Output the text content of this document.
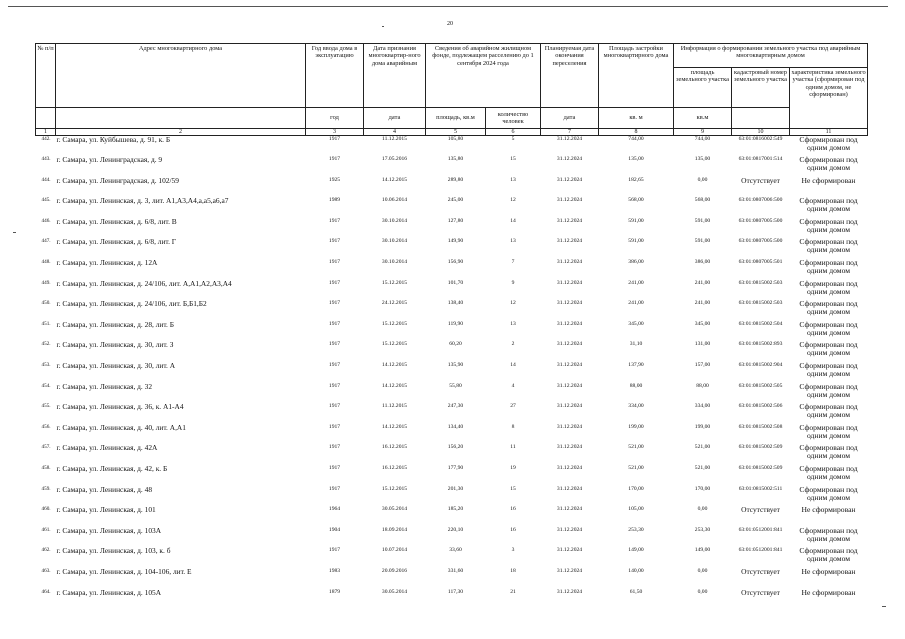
20
№ п/п	Адрес многоквартирного дома	Год ввода дома в эксплуатацию	Дата признания многоквартир-ного дома аварийным	Сведения об аварийном жилищном фонде, подлежащем расселению до 1 сентября 2024 года		Планируемая дата окончания переселения	Площадь застройки многоквартирного дома	Информация о формировании земельного участка под аварийным многоквартирным домом		
								площадь земельного участка	кадастровый номер земельного участка	характеристика земельного участка (сформирован под одним домом, не сформирован)
		год	дата	площадь, кв.м	количество человек	дата	кв. м	кв.м		
1	2	3	4	5	6	7	8	9	10	11
442.	г. Самара, ул. Куйбышева, д. 91, к. Б	1917	11.12.2015	105,80	5	31.12.2024	744,00	744,00	63:01:0816002:549	Сформирован под одним домом
443.	г. Самара, ул. Ленинградская, д. 9	1917	17.05.2016	135,80	15	31.12.2024	135,00	135,00	63:01:0817001:514	Сформирован под одним домом
444.	г. Самара, ул. Ленинградская, д. 102/59	1925	14.12.2015	289,80	13	31.12.2024	182,65	0,00	Отсутствует	Не сформирован
445.	г. Самара, ул. Ленинская, д. 3, лит. А1,А3,А4,а,а5,а6,а7	1989	10.06.2014	245,00	12	31.12.2024	568,00	568,00	63:01:0807006:500	Сформирован под одним домом
446.	г. Самара, ул. Ленинская, д. 6/8, лит. В	1917	30.10.2014	127,80	14	31.12.2024	591,00	591,00	63:01:0807005:500	Сформирован под одним домом
447.	г. Самара, ул. Ленинская, д. 6/8, лит. Г	1917	30.10.2014	149,90	13	31.12.2024	591,00	591,00	63:01:0807005:500	Сформирован под одним домом
448.	г. Самара, ул. Ленинская, д. 12А	1917	30.10.2014	156,90	7	31.12.2024	386,00	386,00	63:01:0807005:501	Сформирован под одним домом
449.	г. Самара, ул. Ленинская, д. 24/106, лит. А,А1,А2,А3,А4	1917	15.12.2015	101,70	9	31.12.2024	241,00	241,00	63:01:0815002:503	Сформирован под одним домом
450.	г. Самара, ул. Ленинская, д. 24/106, лит. Б,Б1,Б2	1917	24.12.2015	138,40	12	31.12.2024	241,00	241,00	63:01:0815002:503	Сформирован под одним домом
451.	г. Самара, ул. Ленинская, д. 28, лит. Б	1917	15.12.2015	119,90	13	31.12.2024	345,00	345,00	63:01:0815002:504	Сформирован под одним домом
452.	г. Самара, ул. Ленинская, д. 30, лит. З	1917	15.12.2015	60,20	2	31.12.2024	31,10	131,00	63:01:0815002:893	Сформирован под одним домом
453.	г. Самара, ул. Ленинская, д. 30, лит. А	1917	14.12.2015	135,90	14	31.12.2024	137,90	157,00	63:01:0815002:904	Сформирован под одним домом
454.	г. Самара, ул. Ленинская, д. 32	1917	14.12.2015	55,80	4	31.12.2024	88,00	88,00	63:01:0815002:505	Сформирован под одним домом
455.	г. Самара, ул. Ленинская, д. 36, к. А1-А4	1917	11.12.2015	247,30	27	31.12.2024	334,00	334,00	63:01:0815002:506	Сформирован под одним домом
456.	г. Самара, ул. Ленинская, д. 40, лит. А,А1	1917	14.12.2015	134,40	8	31.12.2024	199,00	199,00	63:01:0815002:508	Сформирован под одним домом
457.	г. Самара, ул. Ленинская, д. 42А	1917	16.12.2015	156,20	11	31.12.2024	521,00	521,00	63:01:0815002:509	Сформирован под одним домом
458.	г. Самара, ул. Ленинская, д. 42, к. Б	1917	16.12.2015	177,90	19	31.12.2024	521,00	521,00	63:01:0815002:509	Сформирован под одним домом
459.	г. Самара, ул. Ленинская, д. 48	1917	15.12.2015	201,30	15	31.12.2024	170,00	170,00	63:01:0815002:511	Сформирован под одним домом
460.	г. Самара, ул. Ленинская, д. 101	1964	30.05.2014	185,20	16	31.12.2024	105,00	0,00	Отсутствует	Не сформирован
461.	г. Самара, ул. Ленинская, д. 103А	1904	18.09.2014	220,10	16	31.12.2024	253,30	253,30	63:01:0512001:841	Сформирован под одним домом
462.	г. Самара, ул. Ленинская, д. 103, к. б	1917	10.07.2014	33,60	3	31.12.2024	149,00	149,00	63:01:0512001:841	Сформирован под одним домом
463.	г. Самара, ул. Ленинская, д. 104-106, лит. Е	1983	20.09.2016	331,60	18	31.12.2024	140,00	0,00	Отсутствует	Не сформирован
464.	г. Самара, ул. Ленинская, д. 105А	1879	30.05.2014	117,30	21	31.12.2024	61,50	0,00	Отсутствует	Не сформирован
